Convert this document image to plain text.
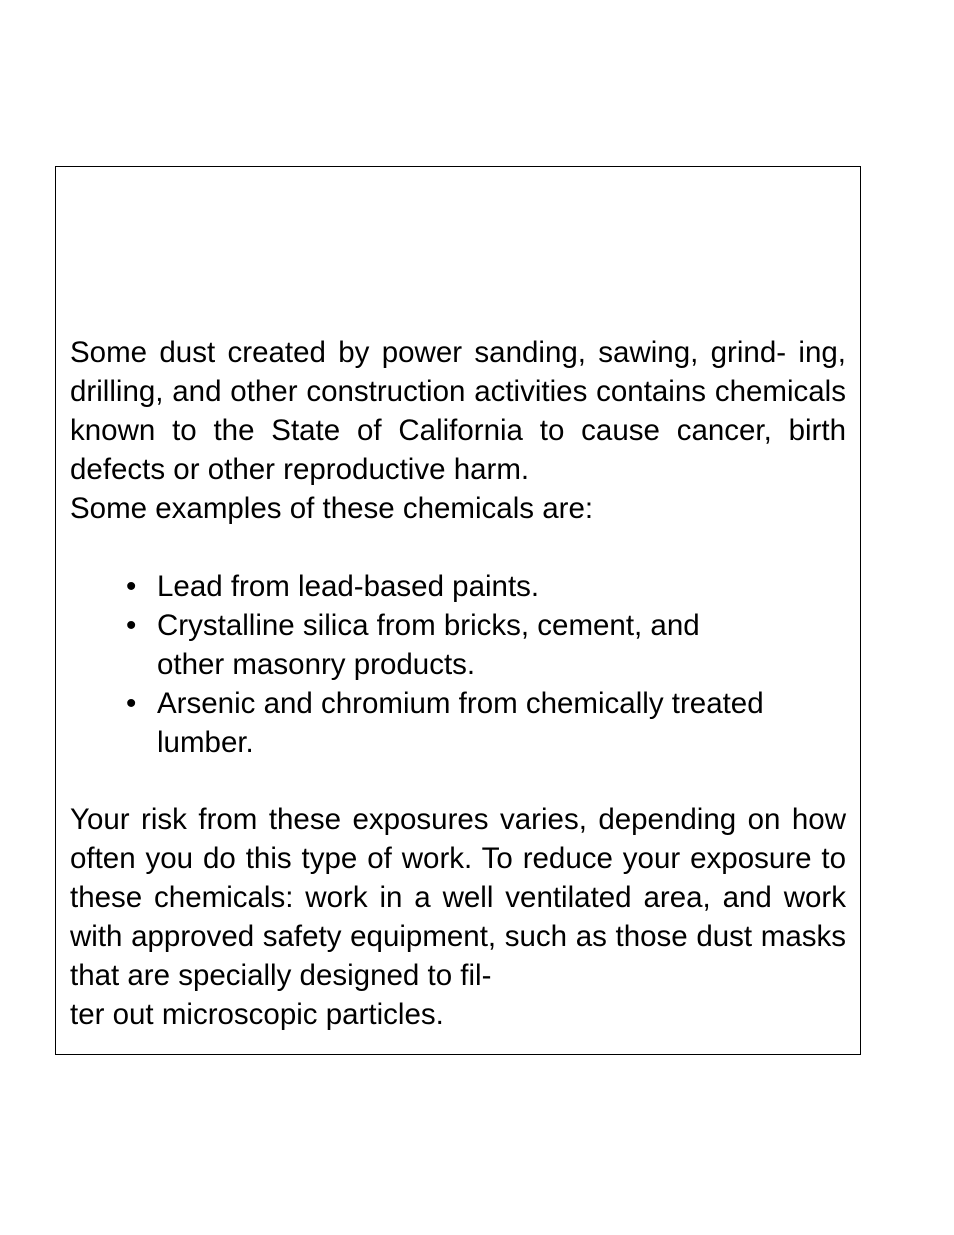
Some dust created by power sanding, sawing, grind- ing, drilling, and other construction activities contains chemicals known to the State of California to cause cancer, birth defects or other reproductive harm.
Some examples of these chemicals are:
• Lead from lead-based paints.
• Crystalline silica from bricks, cement, and
other masonry products.
• Arsenic and chromium from chemically treated
lumber.
Your risk from these exposures varies, depending on how often you do this type of work. To reduce your exposure to these chemicals: work in a well ventilated area, and work with approved safety equipment, such as those dust masks that are specially designed to fil-
ter out microscopic particles.
